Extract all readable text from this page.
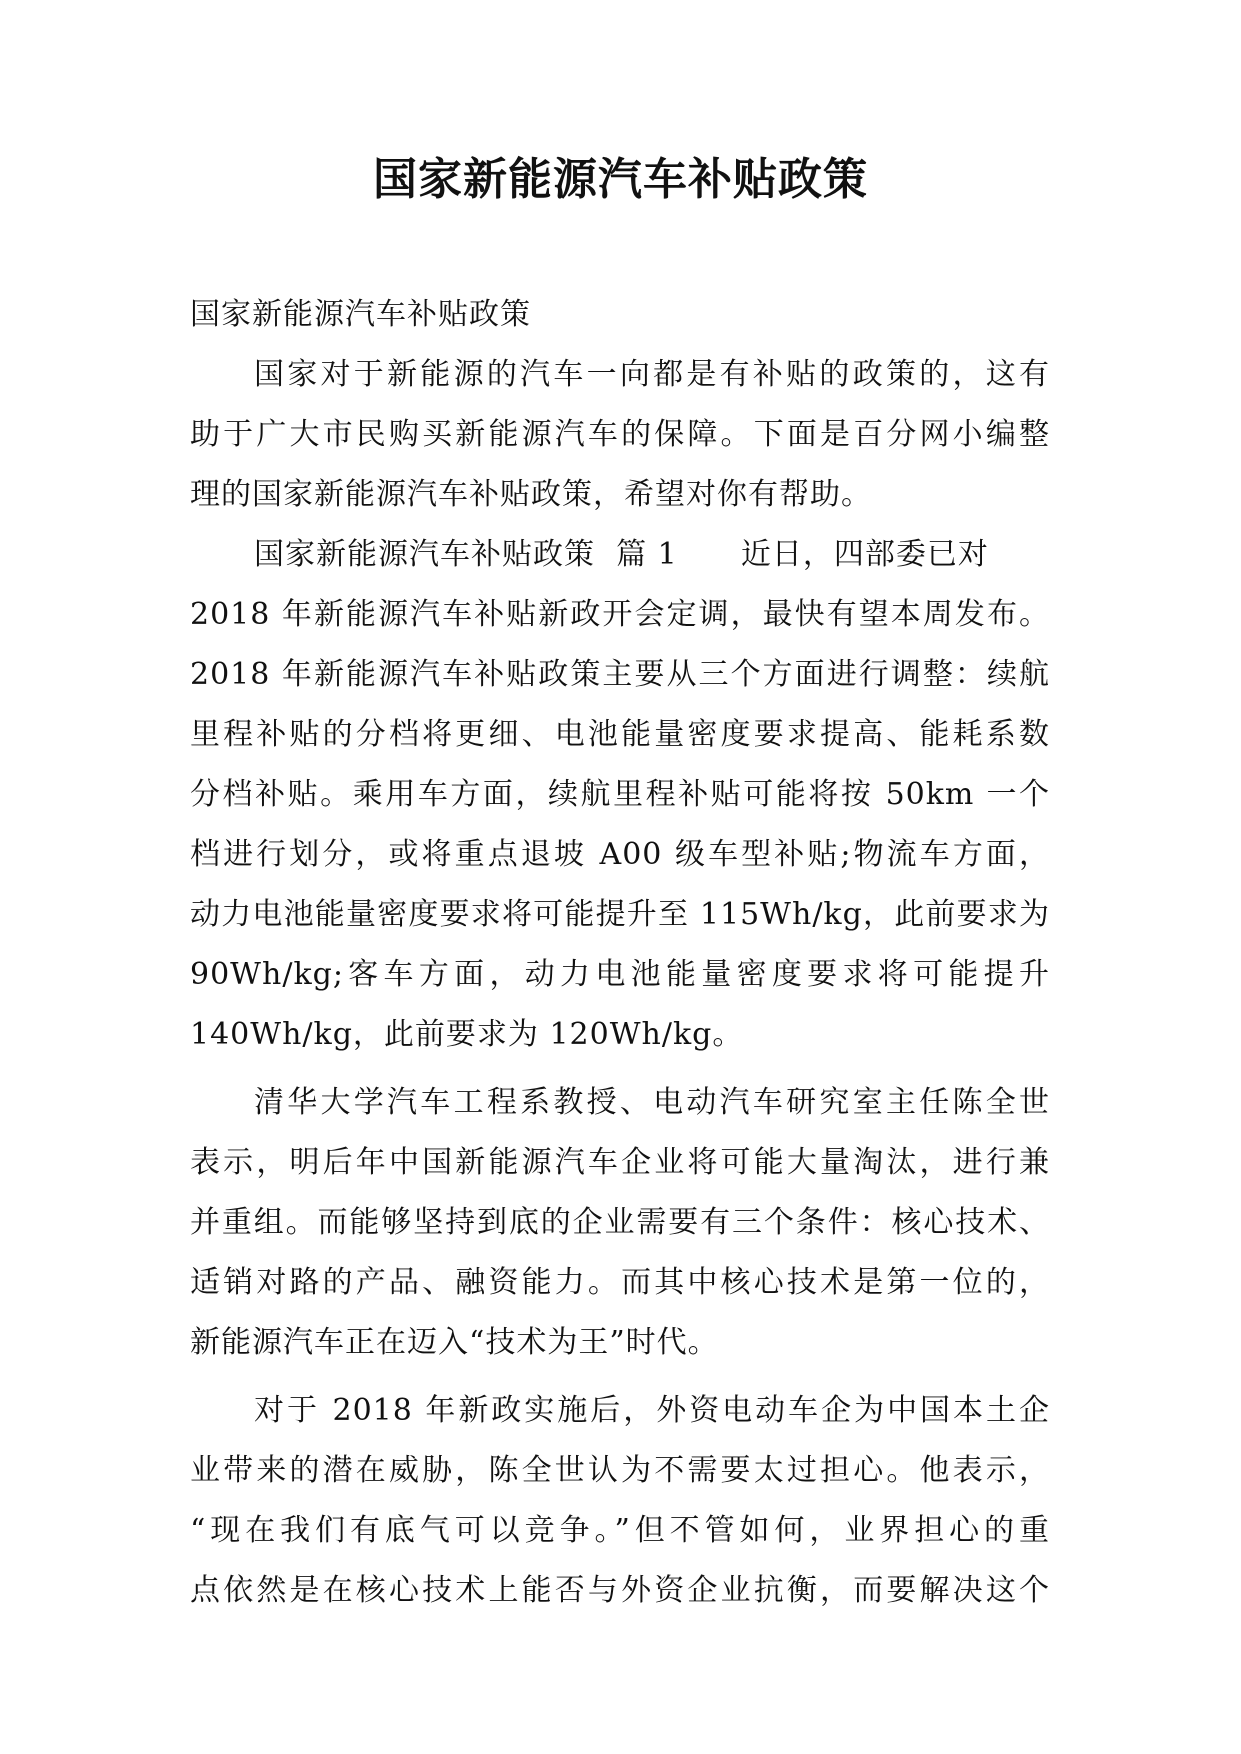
国家新能源汽车补贴政策
国家新能源汽车补贴政策
国家对于新能源的汽车一向都是有补贴的政策的，这有
助于广大市民购买新能源汽车的保障。下面是百分网小编整
理的国家新能源汽车补贴政策，希望对你有帮助。
国家新能源汽车补贴政策  篇 1      近日，四部委已对
2018 年新能源汽车补贴新政开会定调，最快有望本周发布。
2018 年新能源汽车补贴政策主要从三个方面进行调整：续航
里程补贴的分档将更细、电池能量密度要求提高、能耗系数
分档补贴。乘用车方面，续航里程补贴可能将按 50km 一个
档进行划分，或将重点退坡 A00 级车型补贴;物流车方面，
动力电池能量密度要求将可能提升至 115Wh/kg，此前要求为
90Wh/kg;客车方面，动力电池能量密度要求将可能提升
140Wh/kg，此前要求为 120Wh/kg。
清华大学汽车工程系教授、电动汽车研究室主任陈全世
表示，明后年中国新能源汽车企业将可能大量淘汰，进行兼
并重组。而能够坚持到底的企业需要有三个条件：核心技术、
适销对路的产品、融资能力。而其中核心技术是第一位的，
新能源汽车正在迈入“技术为王”时代。
对于 2018 年新政实施后，外资电动车企为中国本土企
业带来的潜在威胁，陈全世认为不需要太过担心。他表示，
“现在我们有底气可以竞争。”但不管如何，业界担心的重
点依然是在核心技术上能否与外资企业抗衡，而要解决这个
